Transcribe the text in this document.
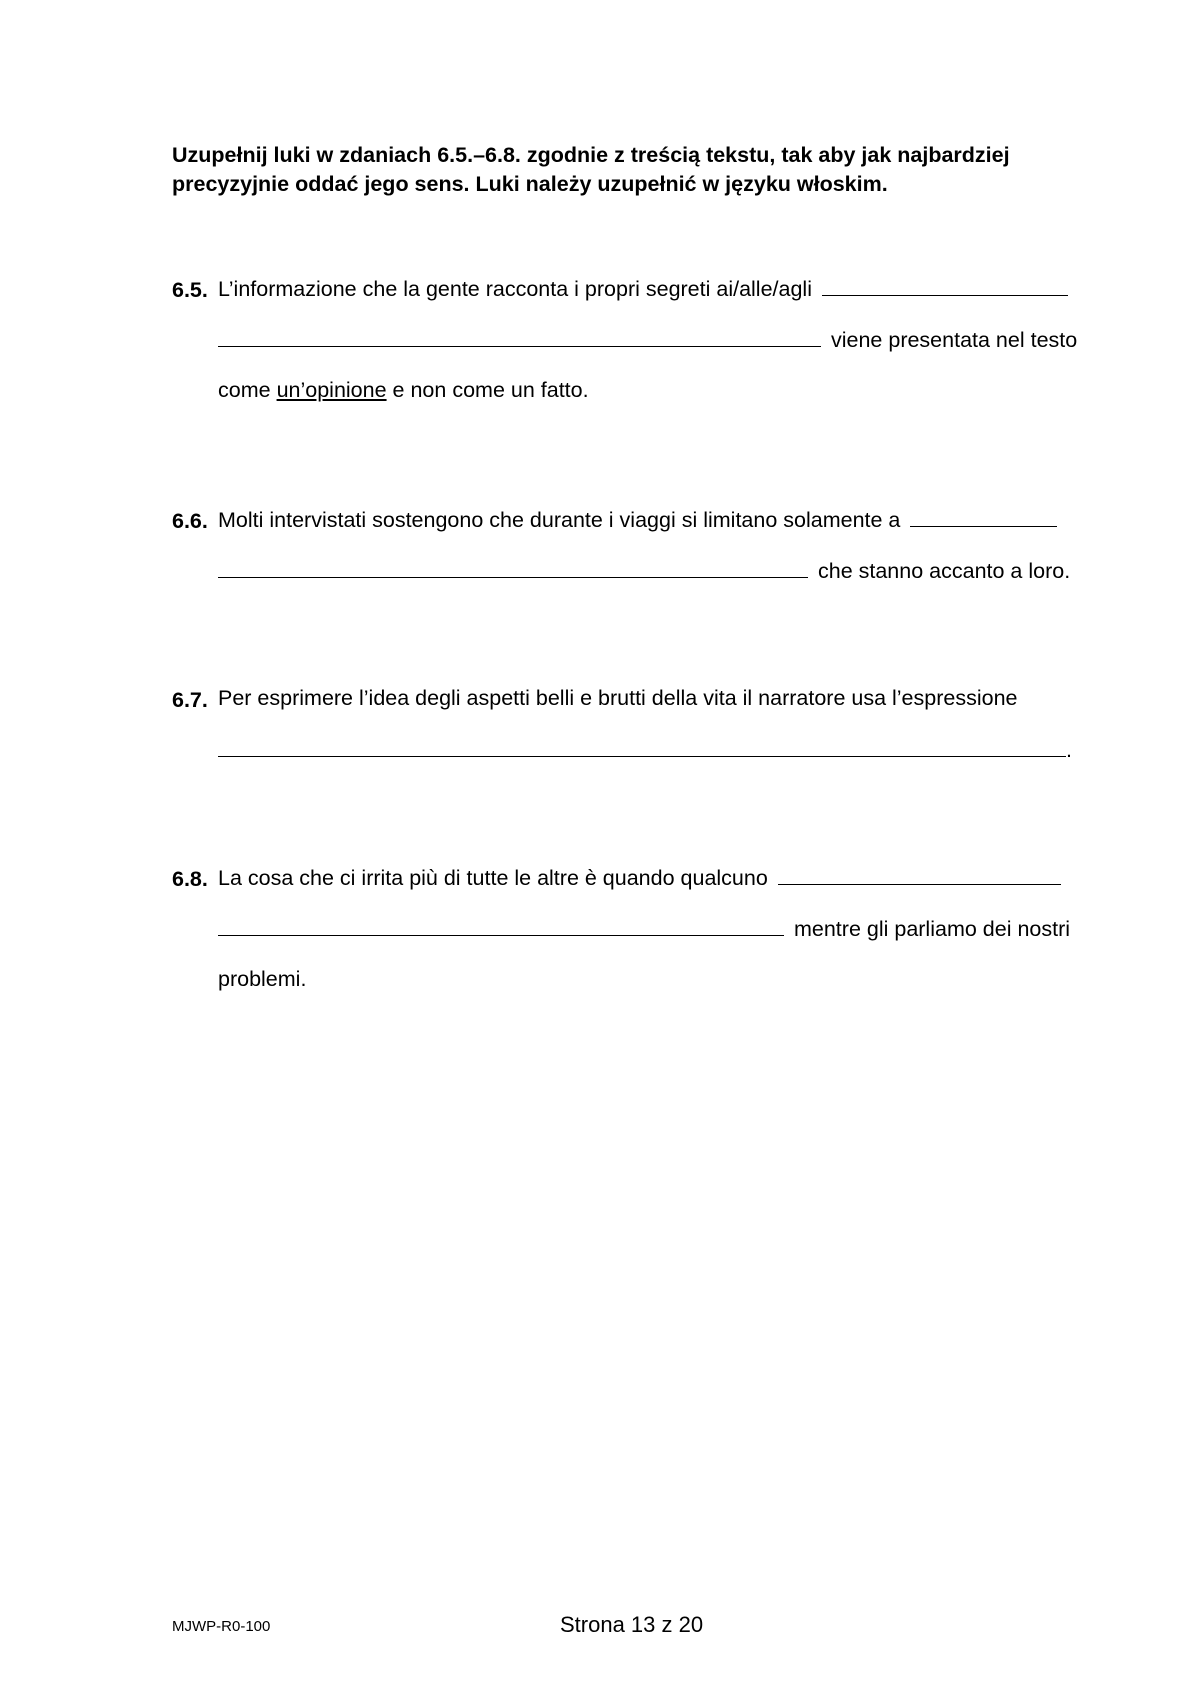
Uzupełnij luki w zdaniach 6.5.–6.8. zgodnie z treścią tekstu, tak aby jak najbardziej
precyzyjnie oddać jego sens. Luki należy uzupełnić w języku włoskim.
6.5. L’informazione che la gente racconta i propri segreti ai/alle/agli
viene presentata nel testo
come un’opinione e non come un fatto.
6.6. Molti intervistati sostengono che durante i viaggi si limitano solamente a
che stanno accanto a loro.
6.7. Per esprimere l’idea degli aspetti belli e brutti della vita il narratore usa l’espressione
.
6.8. La cosa che ci irrita più di tutte le altre è quando qualcuno
mentre gli parliamo dei nostri
problemi.
MJWP-R0-100	Strona 13 z 20
